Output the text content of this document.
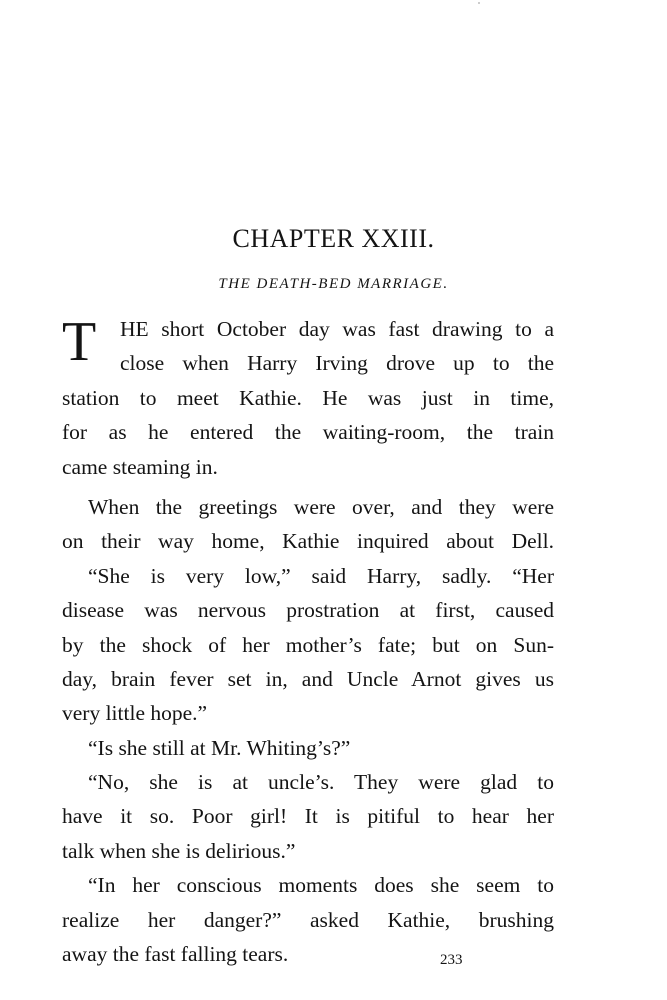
CHAPTER XXIII.
THE DEATH-BED MARRIAGE.
T	HE short October day was fast drawing to a
close when Harry Irving drove up to the
station to meet Kathie. He was just in time,
for as he entered the waiting-room, the train
came steaming in.
When the greetings were over, and they were
on their way home, Kathie inquired about Dell.
“She is very low,” said Harry, sadly. “Her
disease was nervous prostration at first, caused
by the shock of her mother’s fate; but on Sun-
day, brain fever set in, and Uncle Arnot gives us
very little hope.”
“Is she still at Mr. Whiting’s?”
“No, she is at uncle’s. They were glad to
have it so. Poor girl! It is pitiful to hear her
talk when she is delirious.”
“In her conscious moments does she seem to
realize her danger?” asked Kathie, brushing
away the fast falling tears.	233
